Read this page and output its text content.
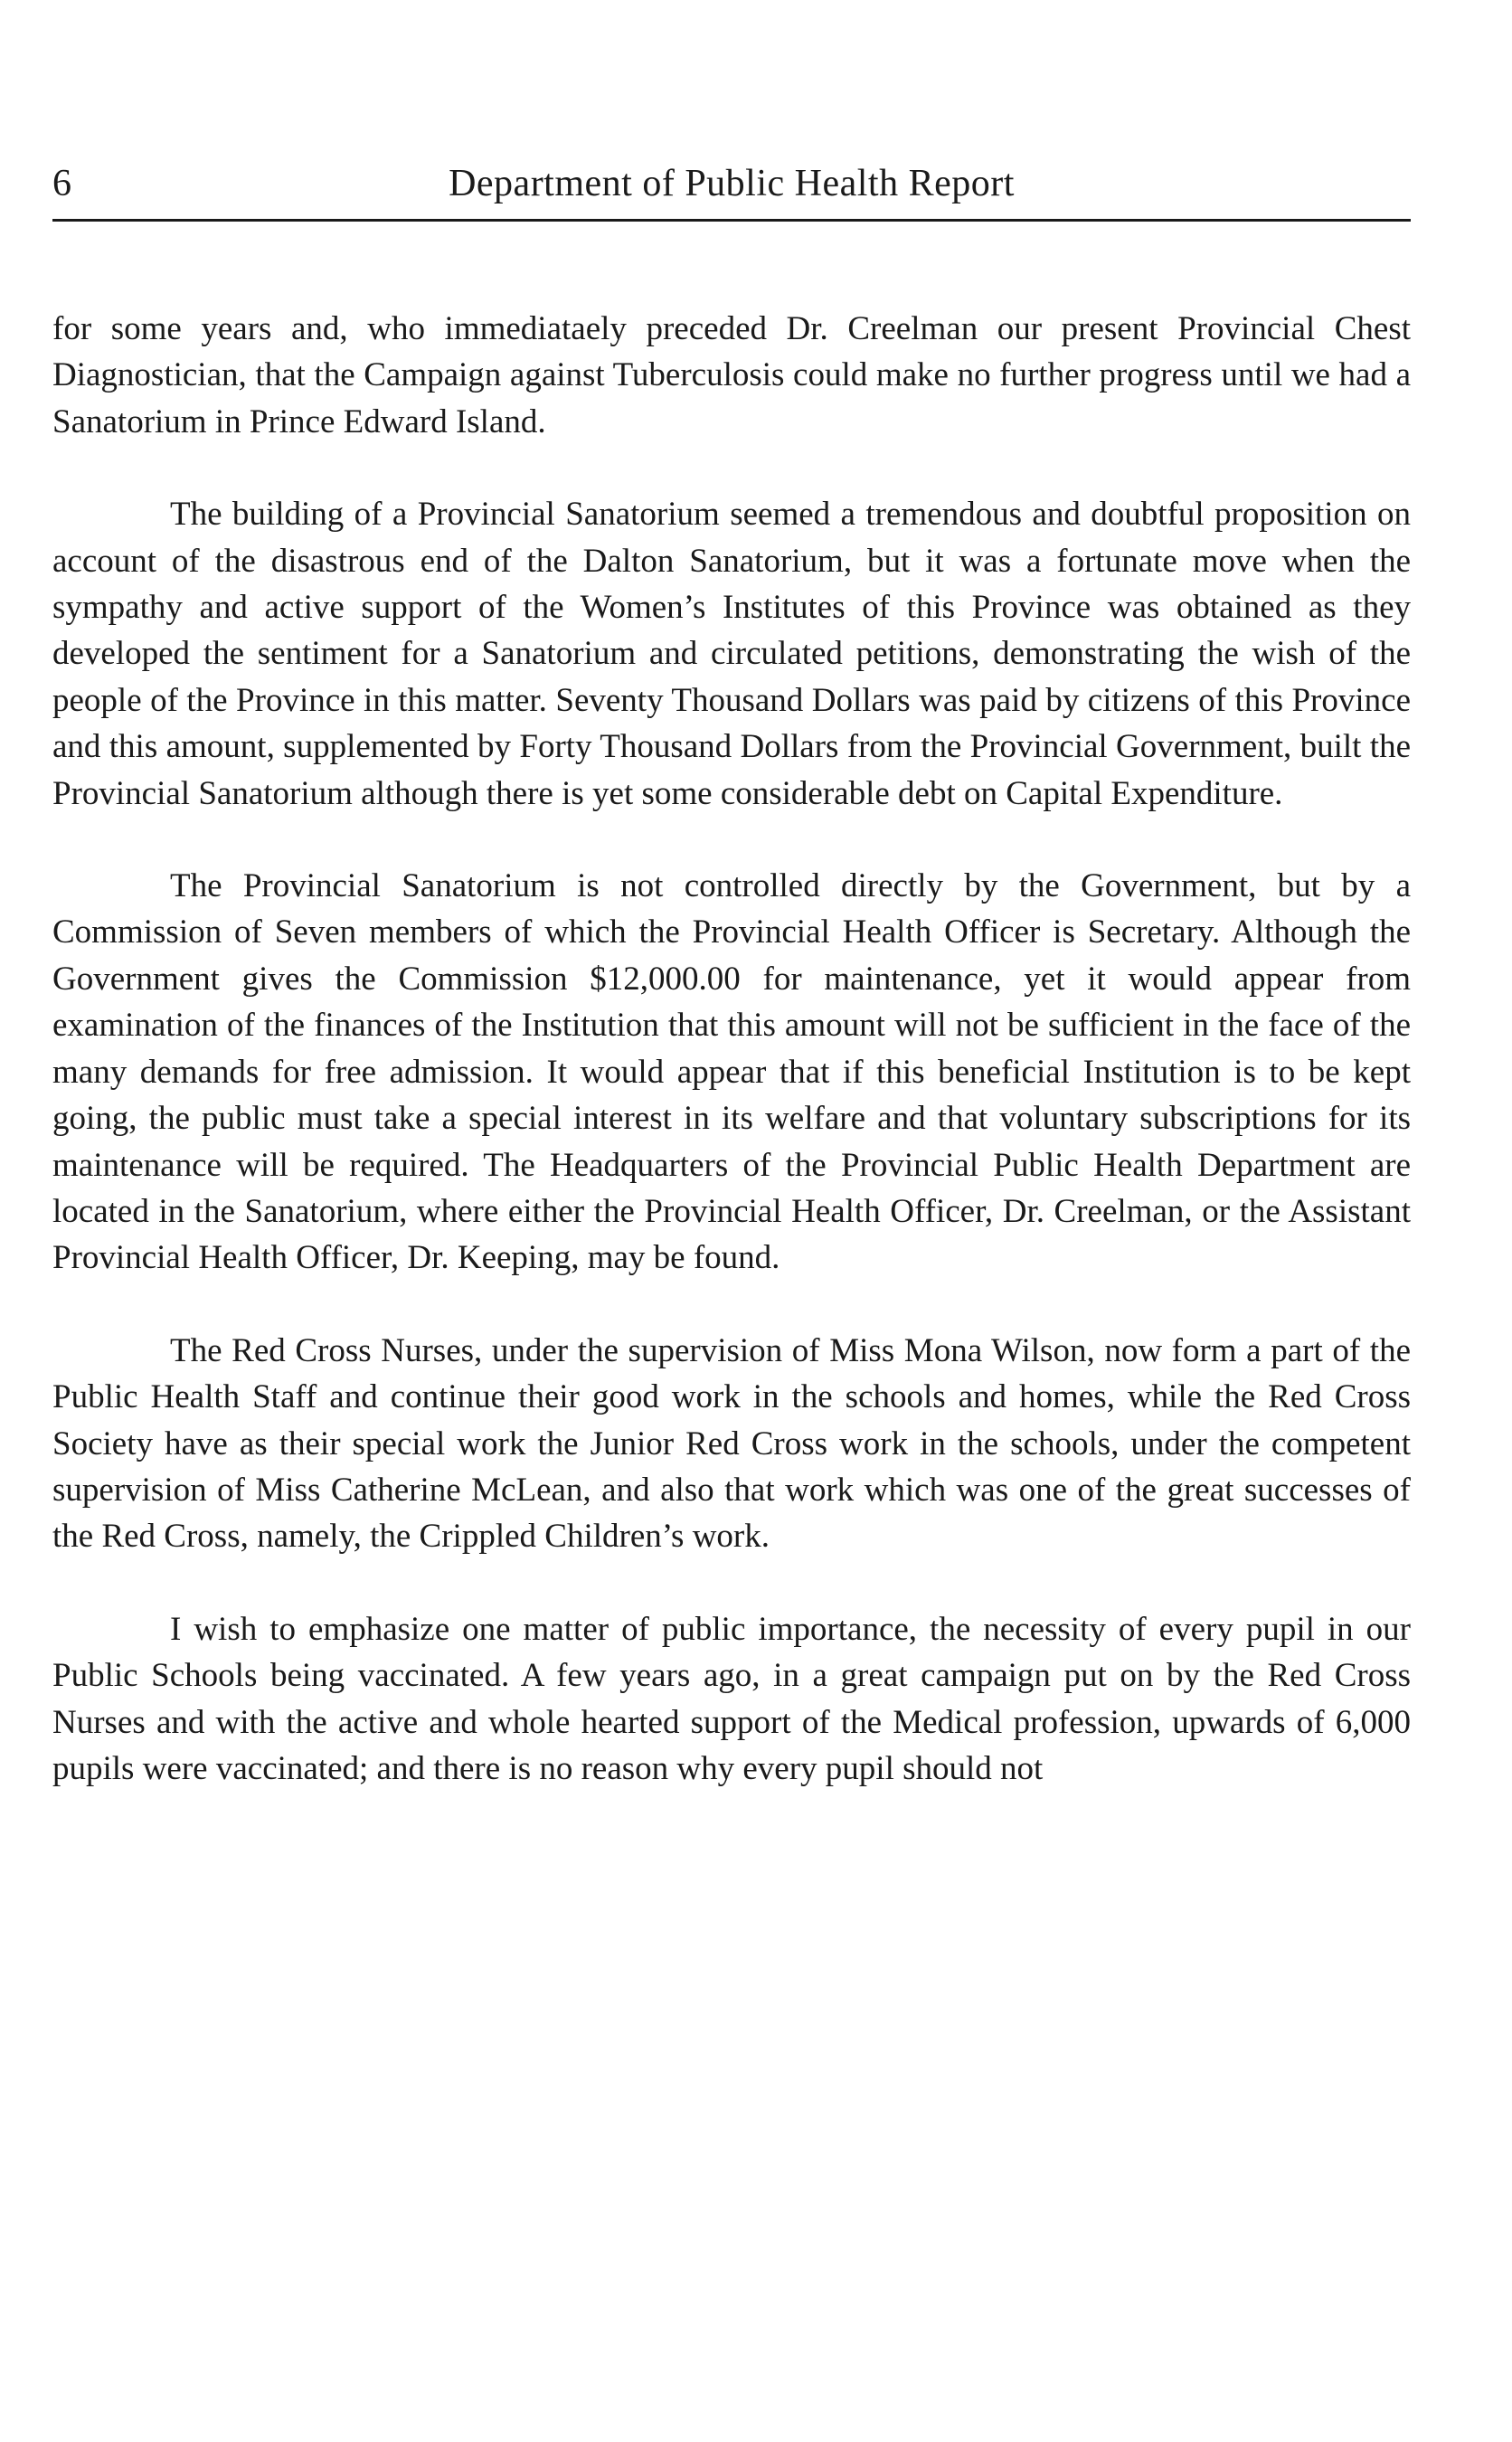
6	Department of Public Health Report

for some years and, who immediataely preceded Dr. Creelman our present Provincial Chest Diagnostician, that the Campaign against Tuberculosis could make no further progress until we had a Sanatorium in Prince Edward Island.

The building of a Provincial Sanatorium seemed a tremendous and doubtful proposition on account of the disastrous end of the Dalton Sanatorium, but it was a fortunate move when the sympathy and active support of the Women’s Institutes of this Province was obtained as they developed the sentiment for a Sanatorium and circulated petitions, demonstrating the wish of the people of the Province in this matter. Seventy Thousand Dollars was paid by citizens of this Province and this amount, supplemented by Forty Thousand Dollars from the Provincial Government, built the Provincial Sanatorium although there is yet some considerable debt on Capital Expenditure.

The Provincial Sanatorium is not controlled directly by the Government, but by a Commission of Seven members of which the Provincial Health Officer is Secretary. Although the Government gives the Commission $12,000.00 for maintenance, yet it would appear from examination of the finances of the Institution that this amount will not be sufficient in the face of the many demands for free admission. It would appear that if this beneficial Institution is to be kept going, the public must take a special interest in its welfare and that voluntary subscriptions for its maintenance will be required. The Headquarters of the Provincial Public Health Department are located in the Sanatorium, where either the Provincial Health Officer, Dr. Creelman, or the Assistant Provincial Health Officer, Dr. Keeping, may be found.

The Red Cross Nurses, under the supervision of Miss Mona Wilson, now form a part of the Public Health Staff and continue their good work in the schools and homes, while the Red Cross Society have as their special work the Junior Red Cross work in the schools, under the competent supervision of Miss Catherine McLean, and also that work which was one of the great successes of the Red Cross, namely, the Crippled Children’s work.

I wish to emphasize one matter of public importance, the necessity of every pupil in our Public Schools being vaccinated. A few years ago, in a great campaign put on by the Red Cross Nurses and with the active and whole hearted support of the Medical profession, upwards of 6,000 pupils were vaccinated; and there is no reason why every pupil should not
